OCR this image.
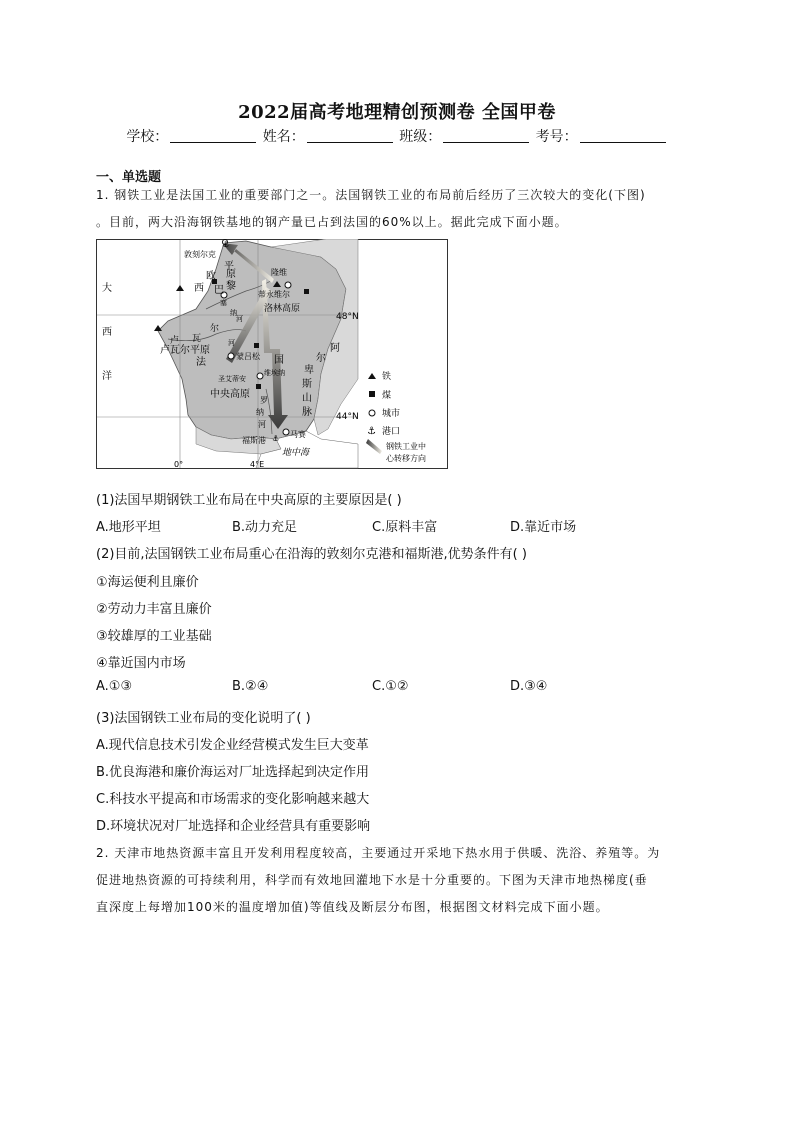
2022届高考地理精创预测卷 全国甲卷
学校：	姓名：	班级：	考号：
一、单选题
1. 钢铁工业是法国工业的重要部门之一。法国钢铁工业的布局前后经历了三次较大的变化(下图)
。目前，两大沿海钢铁基地的钢产量已占到法国的60%以上。据此完成下面小题。
⚓
⚓
敦刻尔克
平
欧
西 巴 黎
原	隆维
蒂永维尔
洛林高原
塞
纳
河
尔
卢 瓦
卢瓦尔平原
河
法
蒙吕松 国
维埃纳
圣艾蒂安
中央高原
罗
纳
河
福斯港
马赛
地中海
大
西
洋
阿
尔
卑
斯
山
脉
48°N
44°N
0°	4°E
铁
煤
城市
⚓ 港口
钢铁工业中
心转移方向
(1)法国早期钢铁工业布局在中央高原的主要原因是( )
A.地形平坦	B.动力充足	C.原料丰富	D.靠近市场
(2)目前,法国钢铁工业布局重心在沿海的敦刻尔克港和福斯港,优势条件有( )
①海运便利且廉价
②劳动力丰富且廉价
③较雄厚的工业基础
④靠近国内市场
A.①③	B.②④	C.①②	D.③④
(3)法国钢铁工业布局的变化说明了( )
A.现代信息技术引发企业经营模式发生巨大变革
B.优良海港和廉价海运对厂址选择起到决定作用
C.科技水平提高和市场需求的变化影响越来越大
D.环境状况对厂址选择和企业经营具有重要影响
2. 天津市地热资源丰富且开发利用程度较高，主要通过开采地下热水用于供暖、洗浴、养殖等。为
促进地热资源的可持续利用，科学而有效地回灌地下水是十分重要的。下图为天津市地热梯度(垂
直深度上每增加100米的温度增加值)等值线及断层分布图，根据图文材料完成下面小题。
